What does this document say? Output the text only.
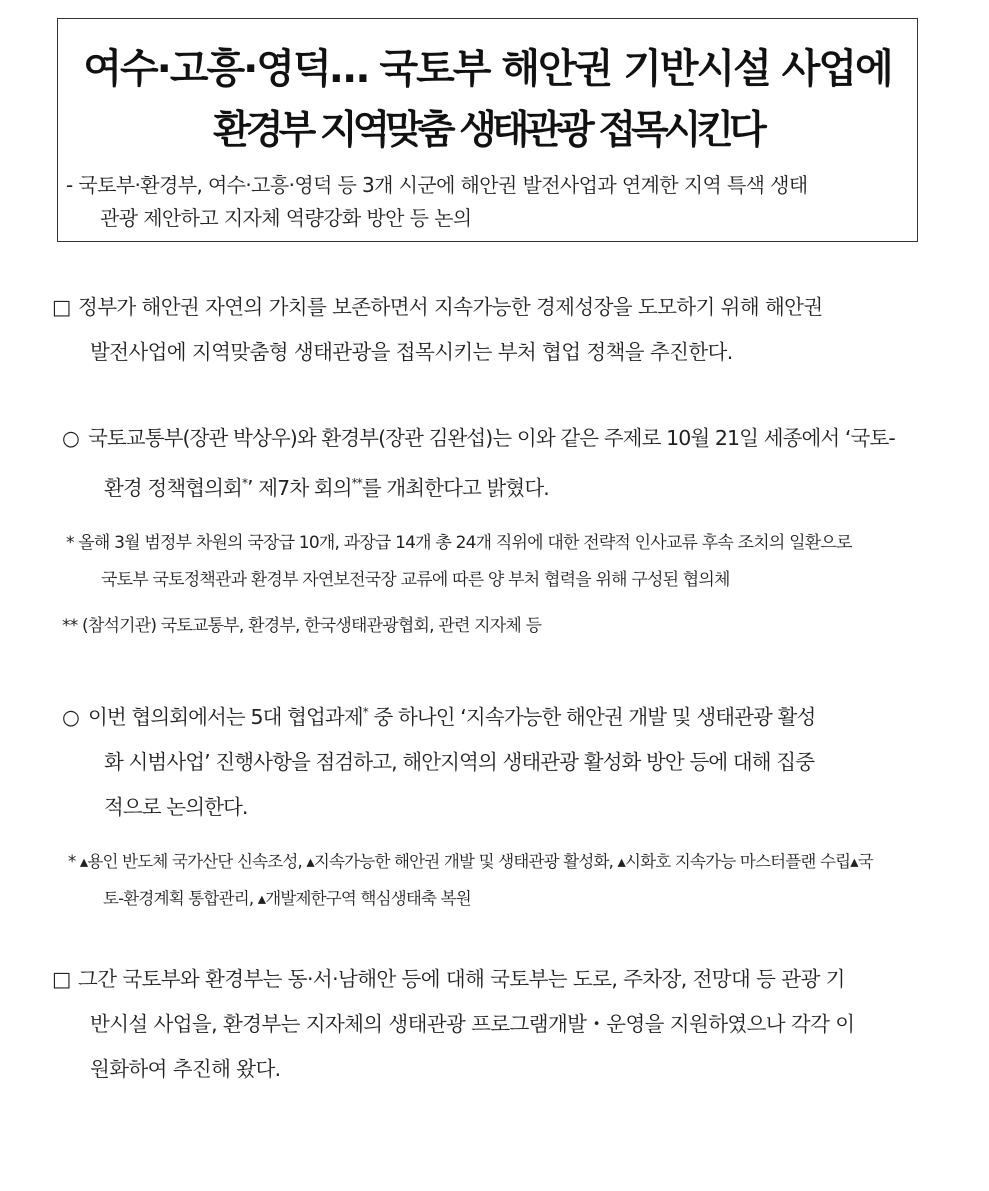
여수·고흥·영덕… 국토부 해안권 기반시설 사업에
환경부 지역맞춤 생태관광 접목시킨다
- 국토부·환경부, 여수·고흥·영덕 등 3개 시군에 해안권 발전사업과 연계한 지역 특색 생태
관광 제안하고 지자체 역량강화 방안 등 논의
□ 정부가 해안권 자연의 가치를 보존하면서 지속가능한 경제성장을 도모하기 위해 해안권
발전사업에 지역맞춤형 생태관광을 접목시키는 부처 협업 정책을 추진한다.
○ 국토교통부(장관 박상우)와 환경부(장관 김완섭)는 이와 같은 주제로 10월 21일 세종에서 ‘국토-
환경 정책협의회*’ 제7차 회의**를 개최한다고 밝혔다.
* 올해 3월 범정부 차원의 국장급 10개, 과장급 14개 총 24개 직위에 대한 전략적 인사교류 후속 조치의 일환으로
국토부 국토정책관과 환경부 자연보전국장 교류에 따른 양 부처 협력을 위해 구성된 협의체
** (참석기관) 국토교통부, 환경부, 한국생태관광협회, 관련 지자체 등
○ 이번 협의회에서는 5대 협업과제* 중 하나인 ‘지속가능한 해안권 개발 및 생태관광 활성
화 시범사업’ 진행사항을 점검하고, 해안지역의 생태관광 활성화 방안 등에 대해 집중
적으로 논의한다.
* ▴용인 반도체 국가산단 신속조성, ▴지속가능한 해안권 개발 및 생태관광 활성화, ▴시화호 지속가능 마스터플랜 수립▴국
토-환경계획 통합관리, ▴개발제한구역 핵심생태축 복원
□ 그간 국토부와 환경부는 동·서·남해안 등에 대해 국토부는 도로, 주차장, 전망대 등 관광 기
반시설 사업을, 환경부는 지자체의 생태관광 프로그램개발・운영을 지원하였으나 각각 이
원화하여 추진해 왔다.
